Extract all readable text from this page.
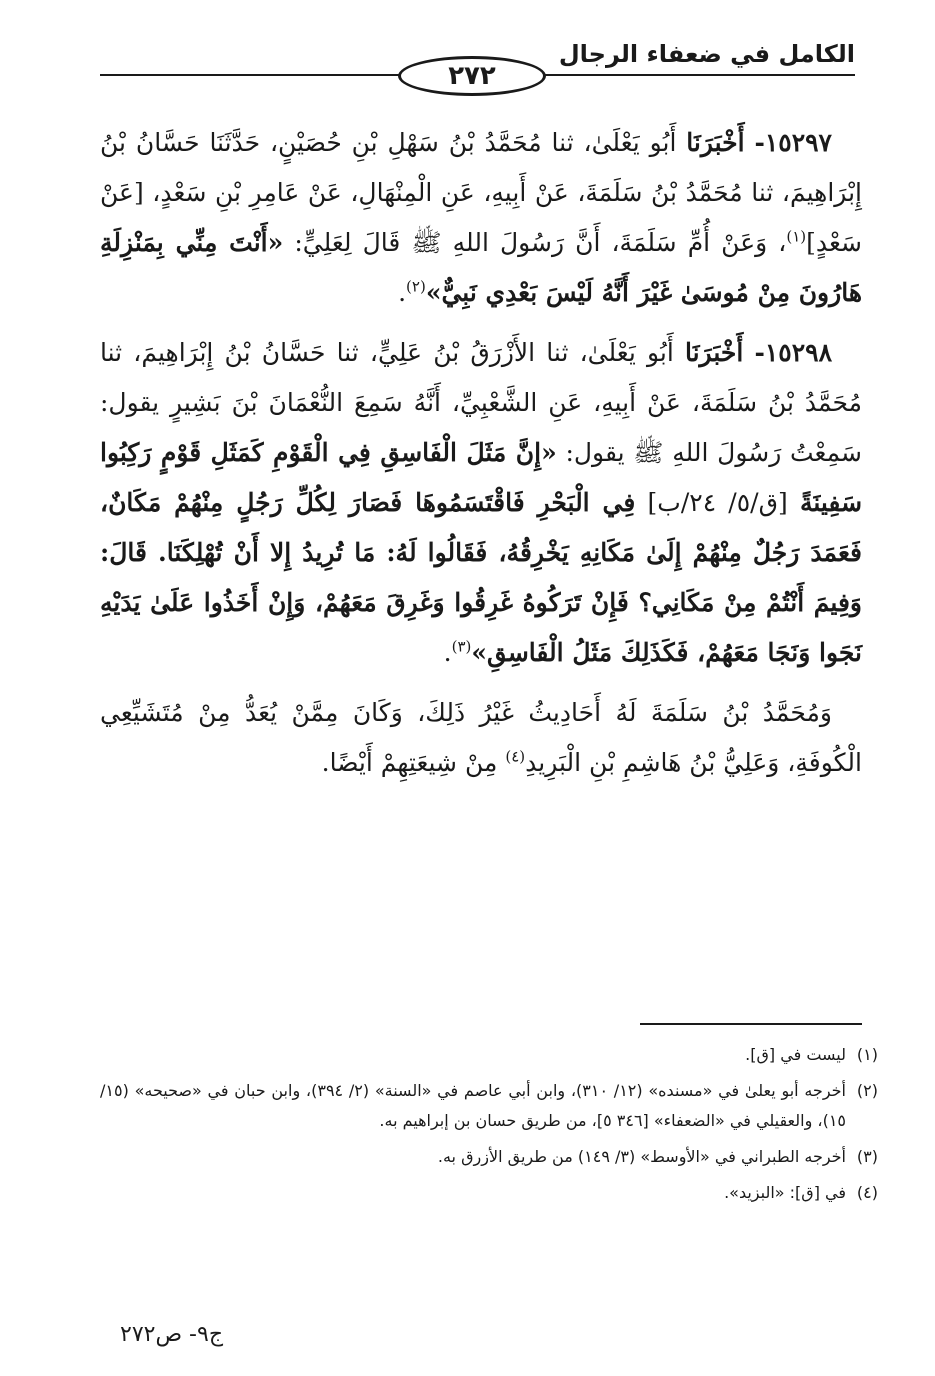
الكامل في ضعفاء الرجال
٢٧٢

١٥٢٩٧- أَخْبَرَنَا أَبُو يَعْلَىٰ، ثنا مُحَمَّدُ بْنُ سَهْلِ بْنِ حُصَيْنٍ، حَدَّثَنَا حَسَّانُ بْنُ إِبْرَاهِيمَ، ثنا مُحَمَّدُ بْنُ سَلَمَةَ، عَنْ أَبِيهِ، عَنِ الْمِنْهَالِ، عَنْ عَامِرِ بْنِ سَعْدٍ، [عَنْ سَعْدٍ]$^{(١)}$، وَعَنْ أُمِّ سَلَمَةَ، أَنَّ رَسُولَ اللهِ ﷺ قَالَ لِعَلِيٍّ: «أَنْتَ مِنِّي بِمَنْزِلَةِ هَارُونَ مِنْ مُوسَىٰ غَيْرَ أَنَّهُ لَيْسَ بَعْدِي نَبِيٌّ»$^{(٢)}$.

١٥٢٩٨- أَخْبَرَنَا أَبُو يَعْلَىٰ، ثنا الأَزْرَقُ بْنُ عَلِيٍّ، ثنا حَسَّانُ بْنُ إِبْرَاهِيمَ، ثنا مُحَمَّدُ بْنُ سَلَمَةَ، عَنْ أَبِيهِ، عَنِ الشَّعْبِيِّ، أَنَّهُ سَمِعَ النُّعْمَانَ بْنَ بَشِيرٍ يقول: سَمِعْتُ رَسُولَ اللهِ ﷺ يقول: «إِنَّ مَثَلَ الْفَاسِقِ فِي الْقَوْمِ كَمَثَلِ قَوْمٍ رَكِبُوا سَفِينَةً [ق/٥/ ٢٤/ب] فِي الْبَحْرِ فَاقْتَسَمُوهَا فَصَارَ لِكُلِّ رَجُلٍ مِنْهُمْ مَكَانٌ، فَعَمَدَ رَجُلٌ مِنْهُمْ إِلَىٰ مَكَانِهِ يَخْرِقُهُ، فَقَالُوا لَهُ: مَا تُرِيدُ إِلا أَنْ تُهْلِكَنَا. قَالَ: وَفِيمَ أَنْتُمْ مِنْ مَكَانِي؟ فَإِنْ تَرَكُوهُ غَرِقُوا وَغَرِقَ مَعَهُمْ، وَإِنْ أَخَذُوا عَلَىٰ يَدَيْهِ نَجَوا وَنَجَا مَعَهُمْ، فَكَذَلِكَ مَثَلُ الْفَاسِقِ»$^{(٣)}$.

وَمُحَمَّدُ بْنُ سَلَمَةَ لَهُ أَحَادِيثُ غَيْرُ ذَلِكَ، وَكَانَ مِمَّنْ يُعَدُّ مِنْ مُتَشَيِّعِي الْكُوفَةِ، وَعَلِيُّ بْنُ هَاشِمِ بْنِ الْبَرِيدِ$^{(٤)}$ مِنْ شِيعَتِهِمْ أَيْضًا.

(١)
ليست في [ق].
(٢)
أخرجه أبو يعلىٰ في «مسنده» (١٢/ ٣١٠)، وابن أبي عاصم في «السنة» (٢/ ٣٩٤)، وابن حبان في «صحيحه» (١٥/ ١٥)، والعقيلي في «الضعفاء» [٣٤٦ ٥]، من طريق حسان بن إبراهيم به.
(٣)
أخرجه الطبراني في «الأوسط» (٣/ ١٤٩) من طريق الأزرق به.
(٤)
في [ق]: «البزيد».
ج٩- ص٢٧٢
